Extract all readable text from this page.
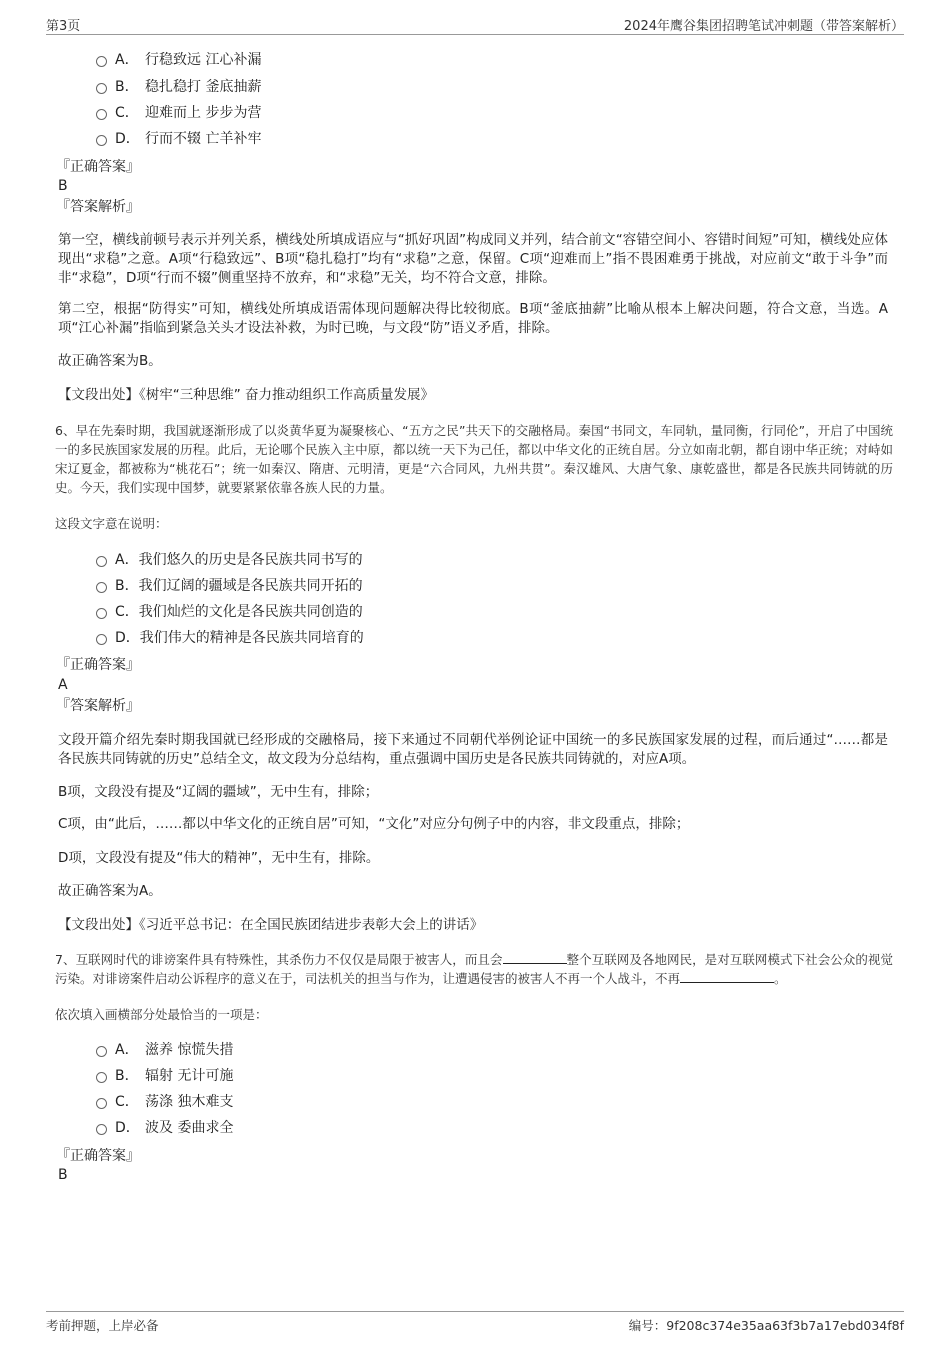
第3页	2024年鹰谷集团招聘笔试冲刺题（带答案解析）
A． 行稳致远 江心补漏
B． 稳扎稳打 釜底抽薪
C． 迎难而上 步步为营
D． 行而不辍 亡羊补牢
『正确答案』
B
『答案解析』
第一空，横线前顿号表示并列关系，横线处所填成语应与“抓好巩固”构成同义并列，结合前文“容错空间小、容错时间短”可知，横线处应体现出“求稳”之意。A项“行稳致远”、B项“稳扎稳打”均有“求稳”之意，保留。C项“迎难而上”指不畏困难勇于挑战，对应前文“敢于斗争”而非“求稳”，D项“行而不辍”侧重坚持不放弃，和“求稳”无关，均不符合文意，排除。
第二空，根据“防得实”可知，横线处所填成语需体现问题解决得比较彻底。B项“釜底抽薪”比喻从根本上解决问题，符合文意，当选。A项“江心补漏”指临到紧急关头才设法补救，为时已晚，与文段“防”语义矛盾，排除。
故正确答案为B。
【文段出处】《树牢“三种思维” 奋力推动组织工作高质量发展》
6、早在先秦时期，我国就逐渐形成了以炎黄华夏为凝聚核心、“五方之民”共天下的交融格局。秦国“书同文，车同轨，量同衡，行同伦”，开启了中国统一的多民族国家发展的历程。此后，无论哪个民族入主中原，都以统一天下为己任，都以中华文化的正统自居。分立如南北朝，都自诩中华正统；对峙如宋辽夏金，都被称为“桃花石”；统一如秦汉、隋唐、元明清，更是“六合同风，九州共贯”。秦汉雄风、大唐气象、康乾盛世，都是各民族共同铸就的历史。今天，我们实现中国梦，就要紧紧依靠各族人民的力量。
这段文字意在说明：
A．我们悠久的历史是各民族共同书写的
B．我们辽阔的疆域是各民族共同开拓的
C．我们灿烂的文化是各民族共同创造的
D．我们伟大的精神是各民族共同培育的
『正确答案』
A
『答案解析』
文段开篇介绍先秦时期我国就已经形成的交融格局，接下来通过不同朝代举例论证中国统一的多民族国家发展的过程，而后通过“……都是各民族共同铸就的历史”总结全文，故文段为分总结构，重点强调中国历史是各民族共同铸就的，对应A项。
B项，文段没有提及“辽阔的疆域”，无中生有，排除；
C项，由“此后，……都以中华文化的正统自居”可知，“文化”对应分句例子中的内容，非文段重点，排除；
D项，文段没有提及“伟大的精神”，无中生有，排除。
故正确答案为A。
【文段出处】《习近平总书记：在全国民族团结进步表彰大会上的讲话》
7、互联网时代的诽谤案件具有特殊性，其杀伤力不仅仅是局限于被害人，而且会	整个互联网及各地网民，是对互联网模式下社会公众的视觉污染。对诽谤案件启动公诉程序的意义在于，司法机关的担当与作为，让遭遇侵害的被害人不再一个人战斗，不再	。
依次填入画横部分处最恰当的一项是：
A． 滋养 惊慌失措
B． 辐射 无计可施
C． 荡涤 独木难支
D． 波及 委曲求全
『正确答案』
B
考前押题，上岸必备	编号：9f208c374e35aa63f3b7a17ebd034f8f
